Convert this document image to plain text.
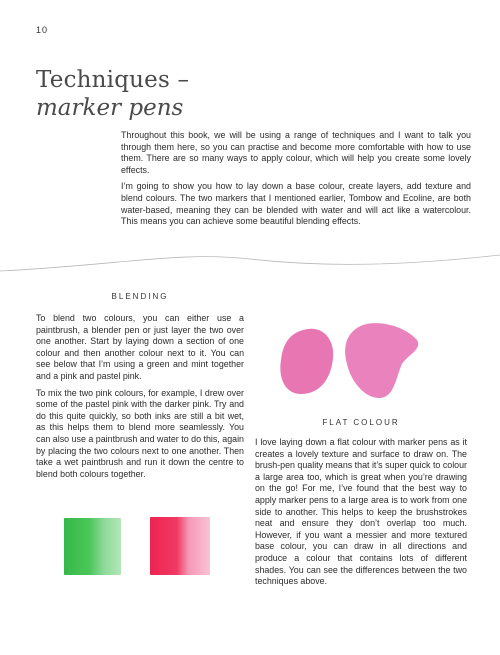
10
Techniques –
marker pens

Throughout this book, we will be using a range of techniques and I want to talk you through them here, so you can practise and become more comfortable with how to use them. There are so many ways to apply colour, which will help you create some lovely effects.

I’m going to show you how to lay down a base colour, create layers, add texture and blend colours. The two markers that I mentioned earlier, Tombow and Ecoline, are both water-based, meaning they can be blended with water and will act like a watercolour. This means you can achieve some beautiful blending effects.

BLENDING

To blend two colours, you can either use a paintbrush, a blender pen or just layer the two over one another. Start by laying down a section of one colour and then another colour next to it. You can see below that I’m using a green and mint together and a pink and pastel pink.

To mix the two pink colours, for example, I drew over some of the pastel pink with the darker pink. Try and do this quite quickly, so both inks are still a bit wet, as this helps them to blend more seamlessly. You can also use a paintbrush and water to do this, again by placing the two colours next to one another. Then take a wet paintbrush and run it down the centre to blend both colours together.

FLAT COLOUR

I love laying down a flat colour with marker pens as it creates a lovely texture and surface to draw on. The brush-pen quality means that it’s super quick to colour a large area too, which is great when you’re drawing on the go! For me, I’ve found that the best way to apply marker pens to a large area is to work from one side to another. This helps to keep the brushstrokes neat and ensure they don’t overlap too much. However, if you want a messier and more textured base colour, you can draw in all directions and produce a colour that contains lots of different shades. You can see the differences between the two techniques above.
